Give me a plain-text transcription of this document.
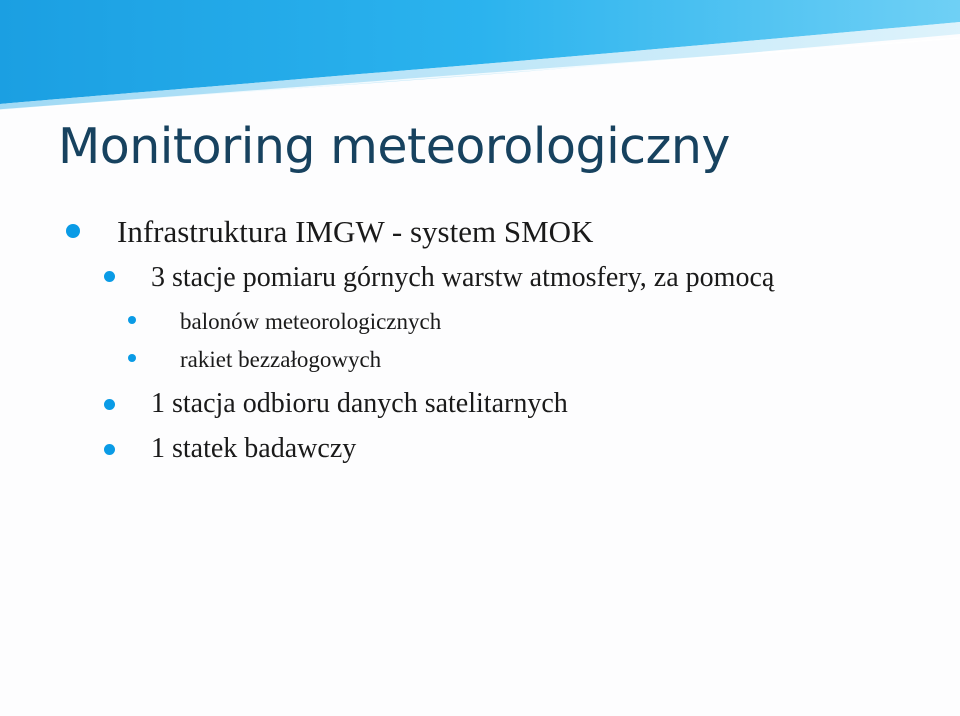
Monitoring meteorologiczny
Infrastruktura IMGW - system SMOK
3 stacje pomiaru górnych warstw atmosfery, za pomocą
balonów meteorologicznych
rakiet bezzałogowych
1 stacja odbioru danych satelitarnych
1 statek badawczy
